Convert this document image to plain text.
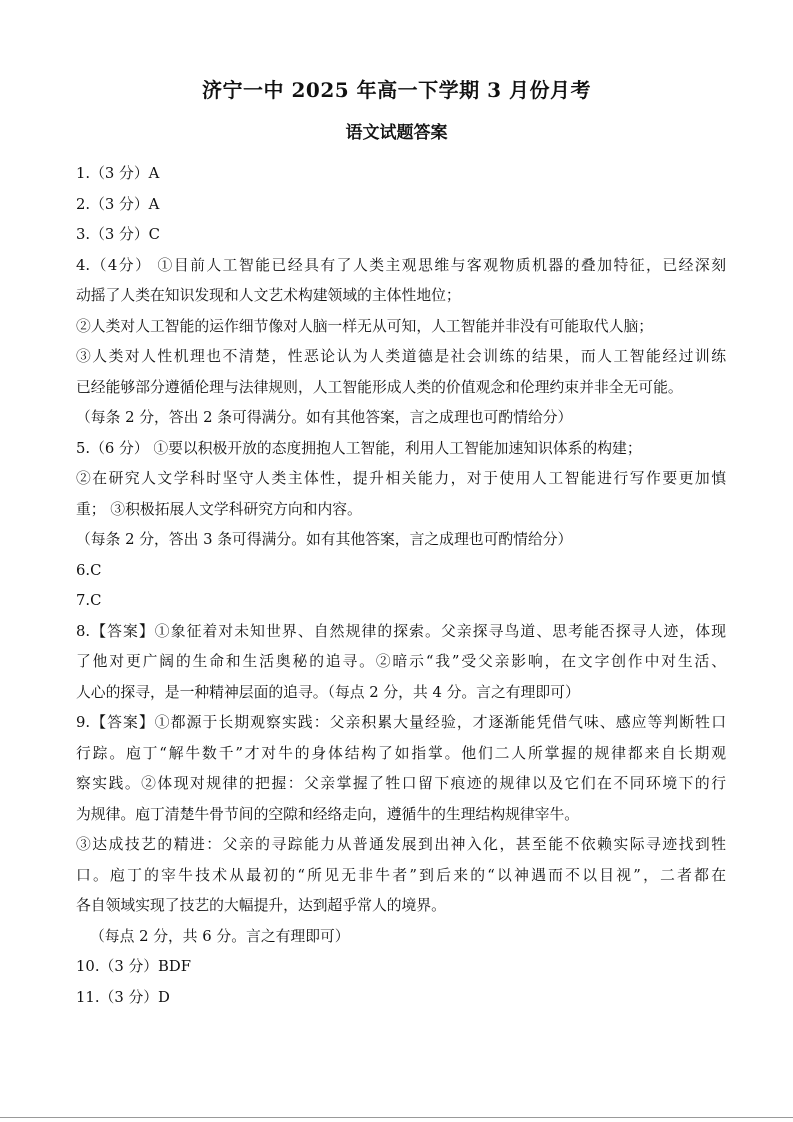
济宁一中 2025 年高一下学期 3 月份月考
语文试题答案
1.（3 分）A
2.（3 分）A
3.（3 分）C
4.（4分） ①目前人工智能已经具有了人类主观思维与客观物质机器的叠加特征，已经深刻
动摇了人类在知识发现和人文艺术构建领域的主体性地位；
②人类对人工智能的运作细节像对人脑一样无从可知，人工智能并非没有可能取代人脑；
③人类对人性机理也不清楚，性恶论认为人类道德是社会训练的结果，而人工智能经过训练
已经能够部分遵循伦理与法律规则，人工智能形成人类的价值观念和伦理约束并非全无可能。
（每条 2 分，答出 2 条可得满分。如有其他答案，言之成理也可酌情给分）
5.（6 分） ①要以积极开放的态度拥抱人工智能，利用人工智能加速知识体系的构建；
②在研究人文学科时坚守人类主体性，提升相关能力，对于使用人工智能进行写作要更加慎
重； ③积极拓展人文学科研究方向和内容。
（每条 2 分，答出 3 条可得满分。如有其他答案，言之成理也可酌情给分）
6.C
7.C
8.【答案】①象征着对未知世界、自然规律的探索。父亲探寻鸟道、思考能否探寻人迹，体现
了他对更广阔的生命和生活奥秘的追寻。②暗示“我”受父亲影响，在文字创作中对生活、
人心的探寻，是一种精神层面的追寻。（每点 2 分，共 4 分。言之有理即可）
9.【答案】①都源于长期观察实践：父亲积累大量经验，才逐渐能凭借气味、感应等判断牲口
行踪。庖丁“解牛数千”才对牛的身体结构了如指掌。他们二人所掌握的规律都来自长期观
察实践。②体现对规律的把握：父亲掌握了牲口留下痕迹的规律以及它们在不同环境下的行
为规律。庖丁清楚牛骨节间的空隙和经络走向，遵循牛的生理结构规律宰牛。
③达成技艺的精进：父亲的寻踪能力从普通发展到出神入化，甚至能不依赖实际寻迹找到牲
口。庖丁的宰牛技术从最初的“所见无非牛者”到后来的“以神遇而不以目视”，二者都在
各自领域实现了技艺的大幅提升，达到超乎常人的境界。
（每点 2 分，共 6 分。言之有理即可）
10.（3 分）BDF
11.（3 分）D
